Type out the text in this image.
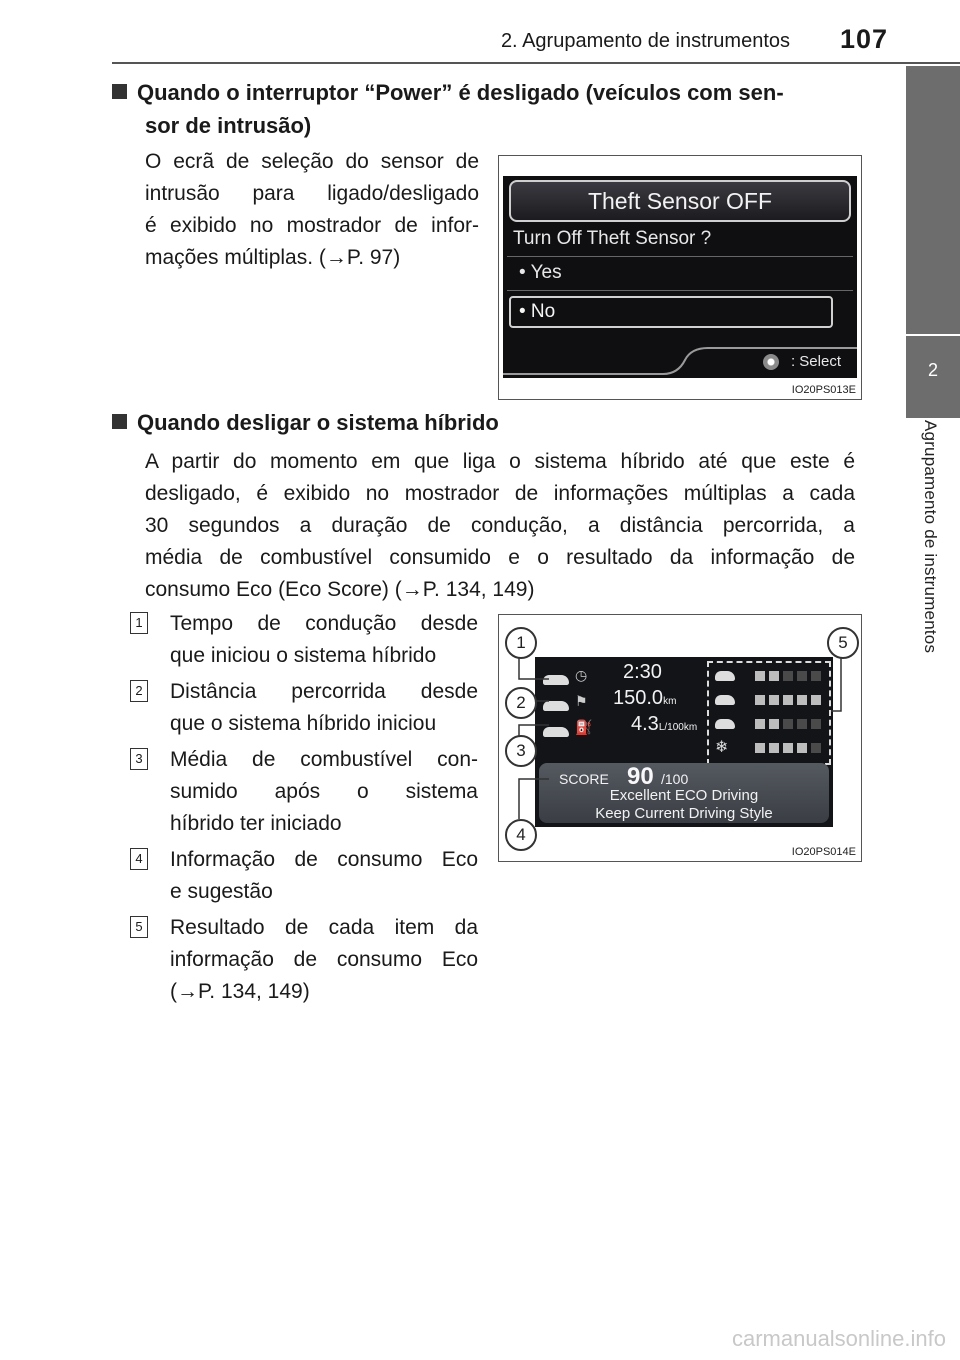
2. Agrupamento de instrumentos 107
2
Agrupamento de instrumentos
Quando o interruptor “Power” é desligado (veículos com sen-
sor de intrusão)
O ecrã de seleção do sensor de
intrusão para ligado/desligado
é exibido no mostrador de infor-
mações múltiplas. (→P. 97)
Theft Sensor OFF
Turn Off Theft Sensor ?
• Yes
• No
: Select
IO20PS013E
Quando desligar o sistema híbrido
A partir do momento em que liga o sistema híbrido até que este é
desligado, é exibido no mostrador de informações múltiplas a cada
30 segundos a duração de condução, a distância percorrida, a
média de combustível consumido e o resultado da informação de
consumo Eco (Eco Score) (→P. 134, 149)
1 Tempo de condução desde
que iniciou o sistema híbrido
2 Distância percorrida desde
que o sistema híbrido iniciou
3 Média de combustível con-
sumido após o sistema
híbrido ter iniciado
4 Informação de consumo Eco
e sugestão
5 Resultado de cada item da
informação de consumo Eco
(→P. 134, 149)
◷ 2:30
⚑ 150.0km
⛽ 4.3L/100km
❄
SCORE 90 /100
Excellent ECO Driving
Keep Current Driving Style
1
2
3
4
5
IO20PS014E
carmanualsonline.info
